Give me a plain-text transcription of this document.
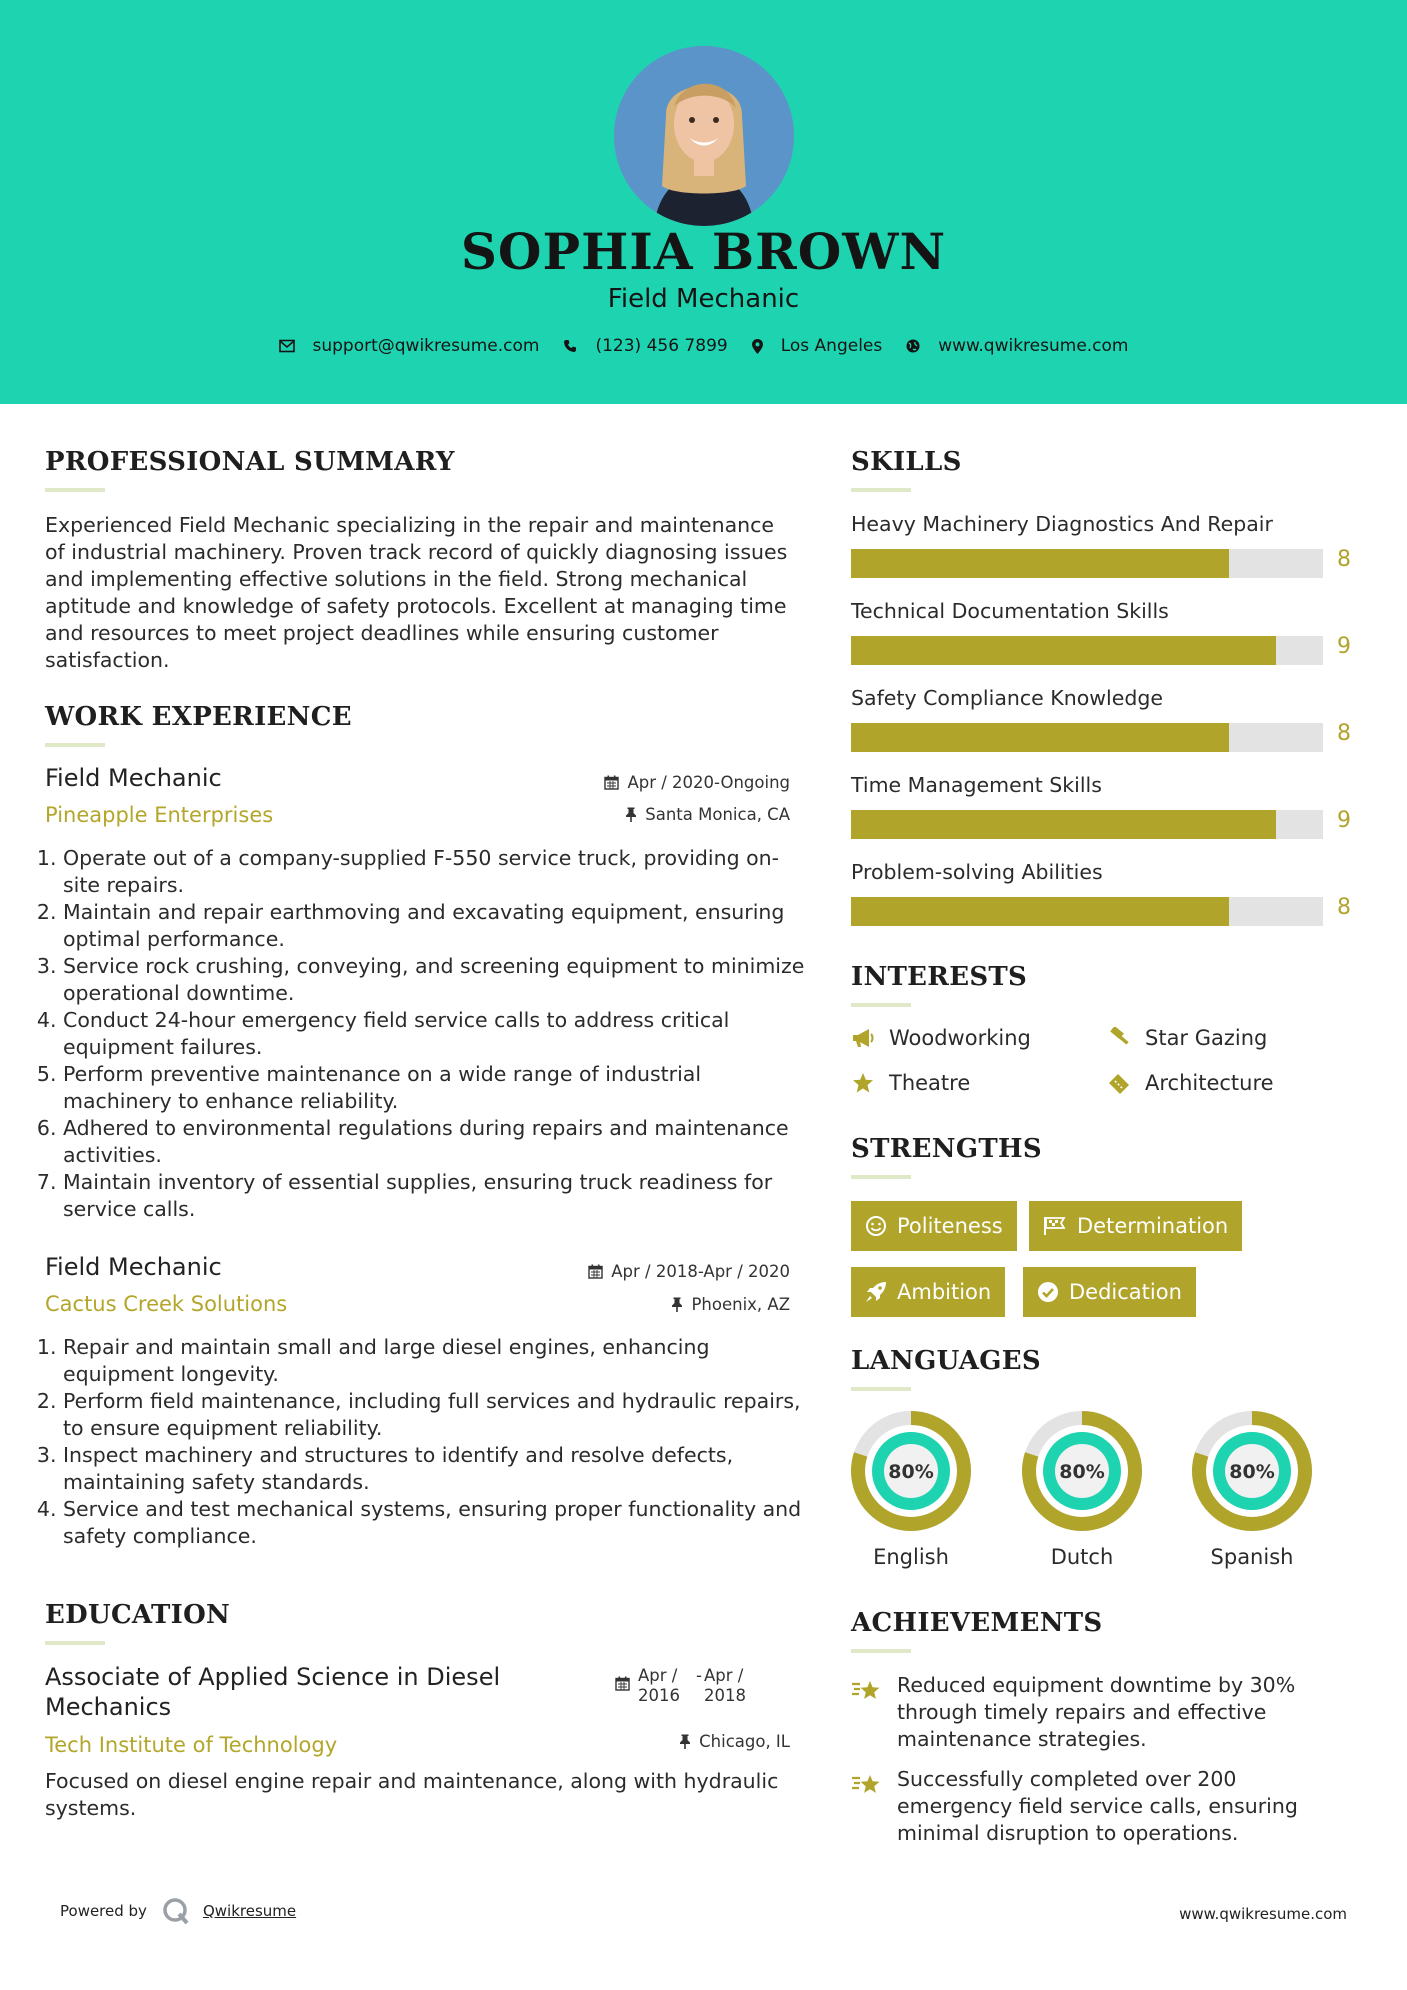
SOPHIA BROWN
Field Mechanic
support@qwikresume.com	(123) 456 7899	Los Angeles	www.qwikresume.com
PROFESSIONAL SUMMARY
Experienced Field Mechanic specializing in the repair and maintenance of industrial machinery. Proven track record of quickly diagnosing issues and implementing effective solutions in the field. Strong mechanical aptitude and knowledge of safety protocols. Excellent at managing time and resources to meet project deadlines while ensuring customer satisfaction.
WORK EXPERIENCE
Field Mechanic
Pineapple Enterprises
Apr / 2020-Ongoing
Santa Monica, CA
1. Operate out of a company-supplied F-550 service truck, providing on-site repairs.
2. Maintain and repair earthmoving and excavating equipment, ensuring optimal performance.
3. Service rock crushing, conveying, and screening equipment to minimize operational downtime.
4. Conduct 24-hour emergency field service calls to address critical equipment failures.
5. Perform preventive maintenance on a wide range of industrial machinery to enhance reliability.
6. Adhered to environmental regulations during repairs and maintenance activities.
7. Maintain inventory of essential supplies, ensuring truck readiness for service calls.
Field Mechanic
Cactus Creek Solutions
Apr / 2018-Apr / 2020
Phoenix, AZ
1. Repair and maintain small and large diesel engines, enhancing equipment longevity.
2. Perform field maintenance, including full services and hydraulic repairs, to ensure equipment reliability.
3. Inspect machinery and structures to identify and resolve defects, maintaining safety standards.
4. Service and test mechanical systems, ensuring proper functionality and safety compliance.
EDUCATION
Associate of Applied Science in Diesel Mechanics
Tech Institute of Technology
Apr / 2016
- Apr / 2018
Chicago, IL
Focused on diesel engine repair and maintenance, along with hydraulic systems.
SKILLS
Heavy Machinery Diagnostics And Repair
8
Technical Documentation Skills
9
Safety Compliance Knowledge
8
Time Management Skills
9
Problem-solving Abilities
8
INTERESTS
Woodworking	Star Gazing
Theatre	Architecture
STRENGTHS
Politeness	Determination
Ambition	Dedication
LANGUAGES
80%
English
80%
Dutch
80%
Spanish
ACHIEVEMENTS
Reduced equipment downtime by 30% through timely repairs and effective maintenance strategies.
Successfully completed over 200 emergency field service calls, ensuring minimal disruption to operations.
Powered by	Qwikresume	www.qwikresume.com
